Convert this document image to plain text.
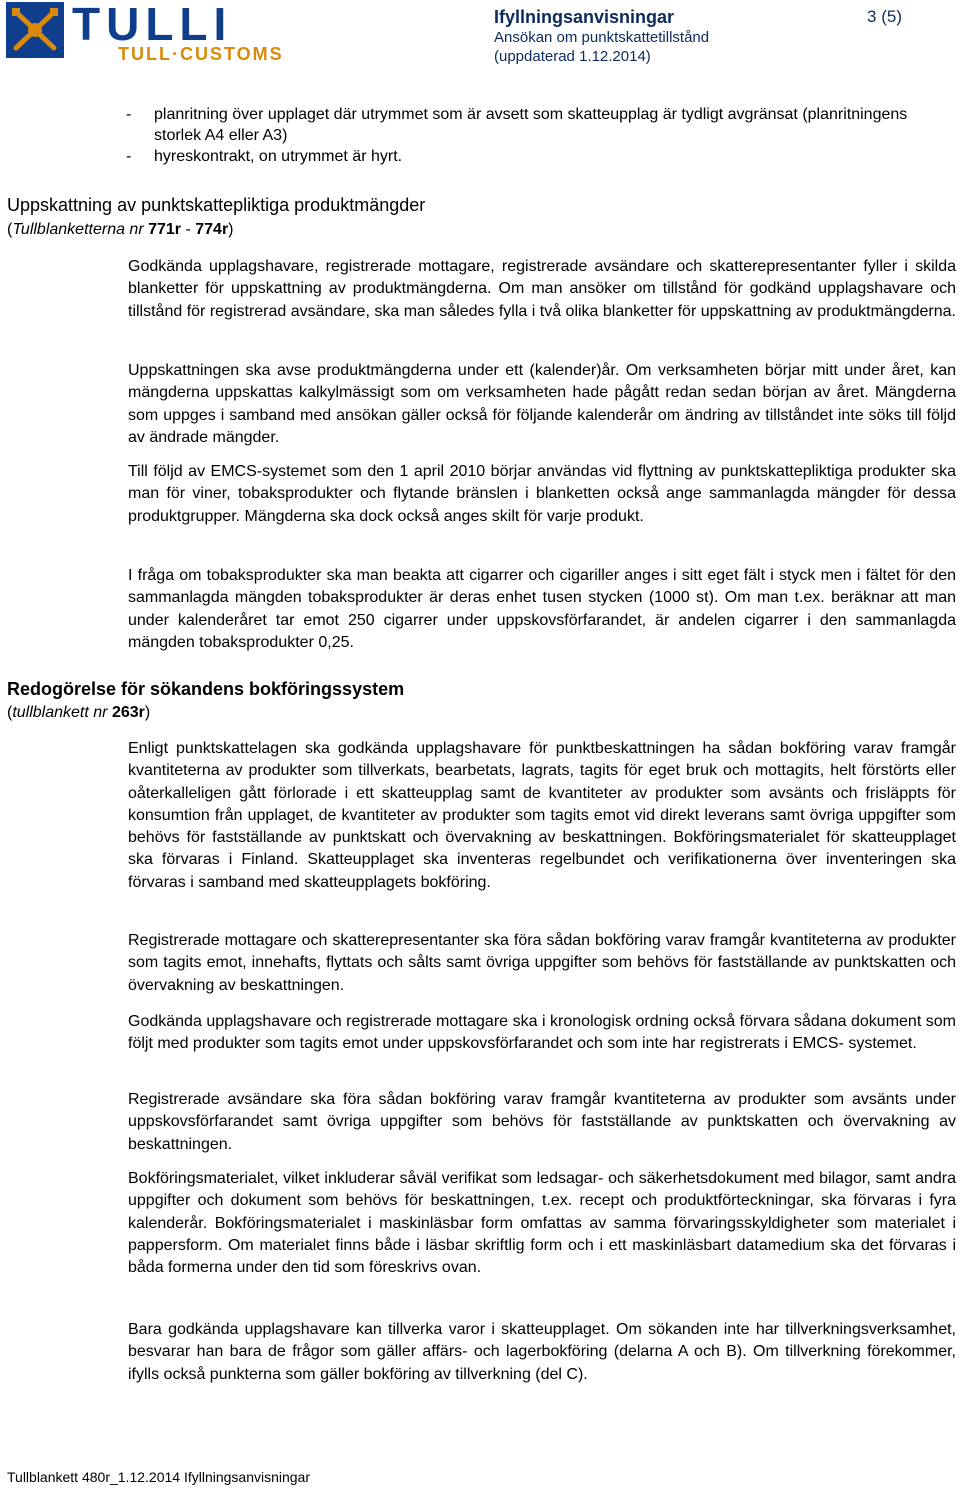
TULLI
TULL·CUSTOMS
Ifyllningsanvisningar	3 (5)
Ansökan om punktskattetillstånd
(uppdaterad 1.12.2014)
- planritning över upplaget där utrymmet som är avsett som skatteupplag är tydligt avgränsat (planritningens storlek A4 eller A3)
- hyreskontrakt, on utrymmet är hyrt.
Uppskattning av punktskattepliktiga produktmängder
(Tullblanketterna nr 771r - 774r)
Godkända upplagshavare, registrerade mottagare, registrerade avsändare och skatterepresentanter fyller i skilda blanketter för uppskattning av produktmängderna. Om man ansöker om tillstånd för godkänd upplagshavare och tillstånd för registrerad avsändare, ska man således fylla i två olika blanketter för uppskattning av produktmängderna.
Uppskattningen ska avse produktmängderna under ett (kalender)år. Om verksamheten börjar mitt under året, kan mängderna uppskattas kalkylmässigt som om verksamheten hade pågått redan sedan början av året. Mängderna som uppges i samband med ansökan gäller också för följande kalenderår om ändring av tillståndet inte söks till följd av ändrade mängder.
Till följd av EMCS-systemet som den 1 april 2010 börjar användas vid flyttning av punktskattepliktiga produkter ska man för viner, tobaksprodukter och flytande bränslen i blanketten också ange sammanlagda mängder för dessa produktgrupper. Mängderna ska dock också anges skilt för varje produkt.
I fråga om tobaksprodukter ska man beakta att cigarrer och cigariller anges i sitt eget fält i styck men i fältet för den sammanlagda mängden tobaksprodukter är deras enhet tusen stycken (1000 st). Om man t.ex. beräknar att man under kalenderåret tar emot 250 cigarrer under uppskovsförfarandet, är andelen cigarrer i den sammanlagda mängden tobaksprodukter 0,25.
Redogörelse för sökandens bokföringssystem
(tullblankett nr 263r)
Enligt punktskattelagen ska godkända upplagshavare för punktbeskattningen ha sådan bokföring varav framgår kvantiteterna av produkter som tillverkats, bearbetats, lagrats, tagits för eget bruk och mottagits, helt förstörts eller oåterkalleligen gått förlorade i ett skatteupplag samt de kvantiteter av produkter som avsänts och frisläppts för konsumtion från upplaget, de kvantiteter av produkter som tagits emot vid direkt leverans samt övriga uppgifter som behövs för fastställande av punktskatt och övervakning av beskattningen. Bokföringsmaterialet för skatteupplaget ska förvaras i Finland. Skatteupplaget ska inventeras regelbundet och verifikationerna över inventeringen ska förvaras i samband med skatteupplagets bokföring.
Registrerade mottagare och skatterepresentanter ska föra sådan bokföring varav framgår kvantiteterna av produkter som tagits emot, innehafts, flyttats och sålts samt övriga uppgifter som behövs för fastställande av punktskatten och övervakning av beskattningen.
Godkända upplagshavare och registrerade mottagare ska i kronologisk ordning också förvara sådana dokument som följt med produkter som tagits emot under uppskovsförfarandet och som inte har registrerats i EMCS- systemet.
Registrerade avsändare ska föra sådan bokföring varav framgår kvantiteterna av produkter som avsänts under uppskovsförfarandet samt övriga uppgifter som behövs för fastställande av punktskatten och övervakning av beskattningen.
Bokföringsmaterialet, vilket inkluderar såväl verifikat som ledsagar- och säkerhetsdokument med bilagor, samt andra uppgifter och dokument som behövs för beskattningen, t.ex. recept och produktförteckningar, ska förvaras i fyra kalenderår. Bokföringsmaterialet i maskinläsbar form omfattas av samma förvaringsskyldigheter som materialet i pappersform. Om materialet finns både i läsbar skriftlig form och i ett maskinläsbart datamedium ska det förvaras i båda formerna under den tid som föreskrivs ovan.
Bara godkända upplagshavare kan tillverka varor i skatteupplaget. Om sökanden inte har tillverkningsverksamhet, besvarar han bara de frågor som gäller affärs- och lagerbokföring (delarna A och B). Om tillverkning förekommer, ifylls också punkterna som gäller bokföring av tillverkning (del C).
Tullblankett 480r_1.12.2014 Ifyllningsanvisningar
